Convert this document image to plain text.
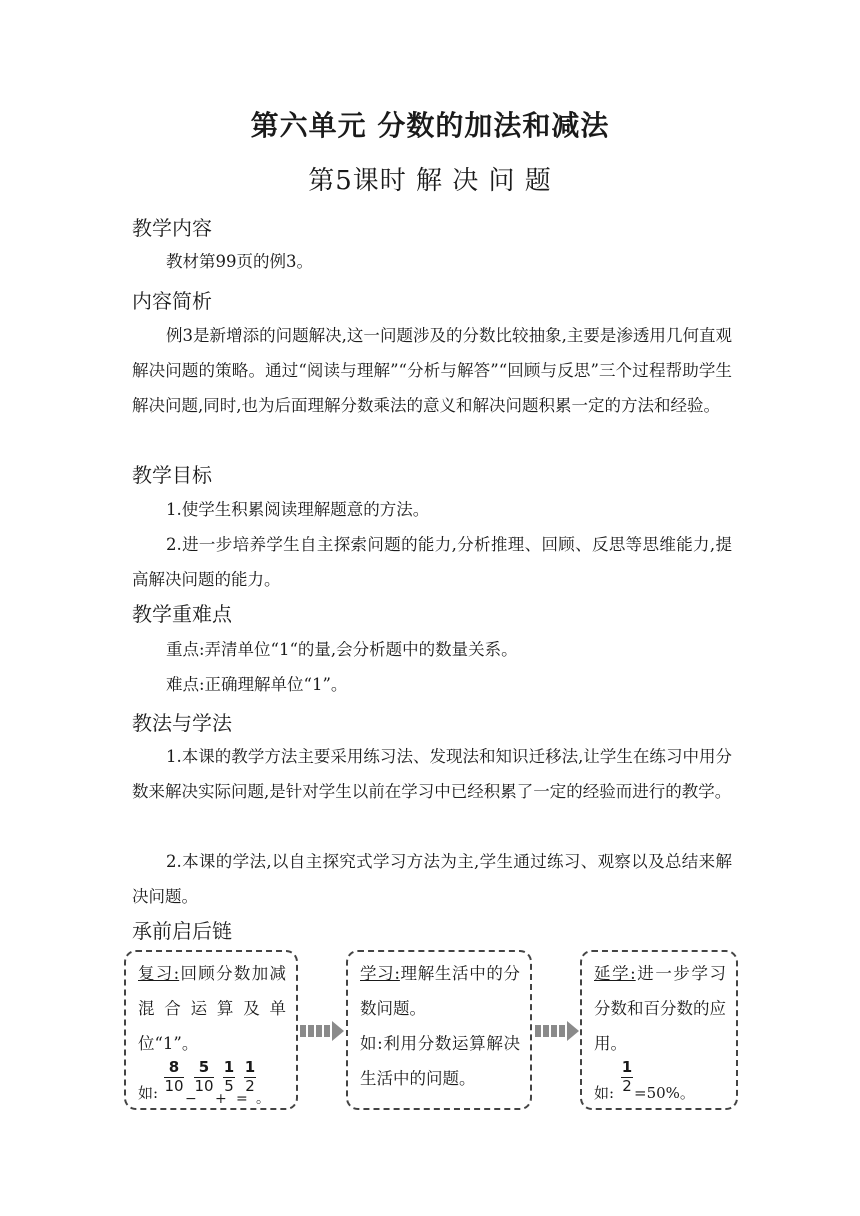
第六单元 分数的加法和减法
第5课时 解 决 问 题
教学内容
教材第99页的例3。
内容简析
例3是新增添的问题解决,这一问题涉及的分数比较抽象,主要是渗透用几何直观解决问题的策略。通过“阅读与理解”“分析与解答”“回顾与反思”三个过程帮助学生解决问题,同时,也为后面理解分数乘法的意义和解决问题积累一定的方法和经验。
教学目标
1.使学生积累阅读理解题意的方法。
2.进一步培养学生自主探索问题的能力,分析推理、回顾、反思等思维能力,提高解决问题的能力。
教学重难点
重点:弄清单位“1“的量,会分析题中的数量关系。
难点:正确理解单位“1”。
教法与学法
1.本课的教学方法主要采用练习法、发现法和知识迁移法,让学生在练习中用分数来解决实际问题,是针对学生以前在学习中已经积累了一定的经验而进行的教学。
2.本课的学法,以自主探究式学习方法为主,学生通过练习、观察以及总结来解决问题。
承前启后链
复习:回顾分数加减混合运算及单位“1”。
如:
8
10
−
5
10
+
1
5
=
1
2
。
学习:理解生活中的分数问题。
如:利用分数运算解决生活中的问题。
延学:进一步学习分数和百分数的应用。
如:
1
2 =50%。
